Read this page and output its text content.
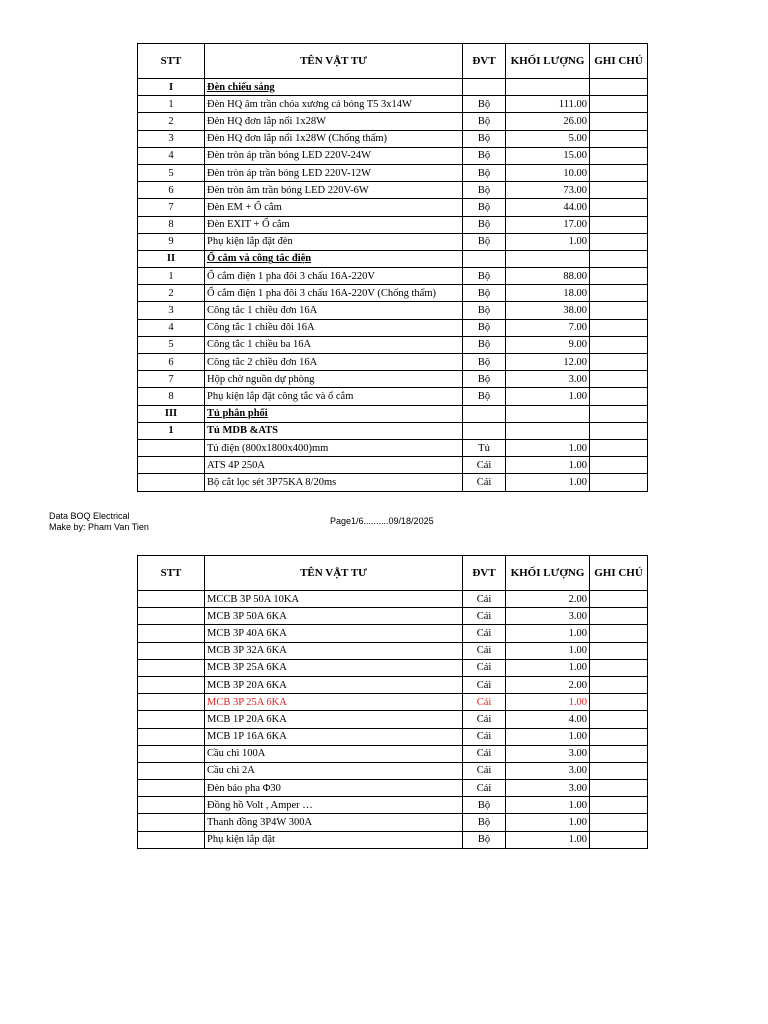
STT	TÊN VẬT TƯ	ĐVT	KHỐI LƯỢNG	GHI CHÚ
I	Đèn chiếu sáng			
1	Đèn HQ âm trần chóa xương cá bóng T5 3x14W	Bộ	111.00	
2	Đèn HQ đơn lắp nổi 1x28W	Bộ	26.00	
3	Đèn HQ đơn lắp nổi 1x28W (Chống thấm)	Bộ	5.00	
4	Đèn tròn áp trần bóng LED 220V-24W	Bộ	15.00	
5	Đèn tròn áp trần bóng LED 220V-12W	Bộ	10.00	
6	Đèn tròn âm trần bóng LED 220V-6W	Bộ	73.00	
7	Đèn EM + Ổ cắm	Bộ	44.00	
8	Đèn EXIT + Ổ cắm	Bộ	17.00	
9	Phụ kiện lắp đặt đèn	Bộ	1.00	
II	Ổ cắm và công tắc điện			
1	Ổ cắm điện 1 pha đôi 3 chấu 16A-220V	Bộ	88.00	
2	Ổ cắm điện 1 pha đôi 3 chấu 16A-220V (Chống thấm)	Bộ	18.00	
3	Công tắc 1 chiều đơn 16A	Bộ	38.00	
4	Công tắc 1 chiều đôi 16A	Bộ	7.00	
5	Công tắc 1 chiều ba 16A	Bộ	9.00	
6	Công tắc 2 chiều đơn 16A	Bộ	12.00	
7	Hộp chờ nguồn dự phòng	Bộ	3.00	
8	Phụ kiện lắp đặt công tắc và ổ cắm	Bộ	1.00	
III	Tủ phân phối			
1	Tủ MDB &ATS			
	Tủ điện (800x1800x400)mm	Tủ	1.00	
	ATS 4P 250A	Cái	1.00	
	Bộ cắt lọc sét 3P75KA 8/20ms	Cái	1.00	
Data BOQ Electrical
Make by: Pham Van Tien
Page1/6..........09/18/2025
STT	TÊN VẬT TƯ	ĐVT	KHỐI LƯỢNG	GHI CHÚ
	MCCB 3P 50A 10KA	Cái	2.00	
	MCB 3P 50A 6KA	Cái	3.00	
	MCB 3P 40A 6KA	Cái	1.00	
	MCB 3P 32A 6KA	Cái	1.00	
	MCB 3P 25A 6KA	Cái	1.00	
	MCB 3P 20A 6KA	Cái	2.00	
	MCB 3P 25A 6KA	Cái	1.00	
	MCB 1P 20A 6KA	Cái	4.00	
	MCB 1P 16A 6KA	Cái	1.00	
	Cầu chì 100A	Cái	3.00	
	Cầu chì 2A	Cái	3.00	
	Đèn báo pha Φ30	Cái	3.00	
	Đồng hồ Volt , Amper …	Bộ	1.00	
	Thanh đồng 3P4W 300A	Bộ	1.00	
	Phụ kiện lắp đặt	Bộ	1.00	
